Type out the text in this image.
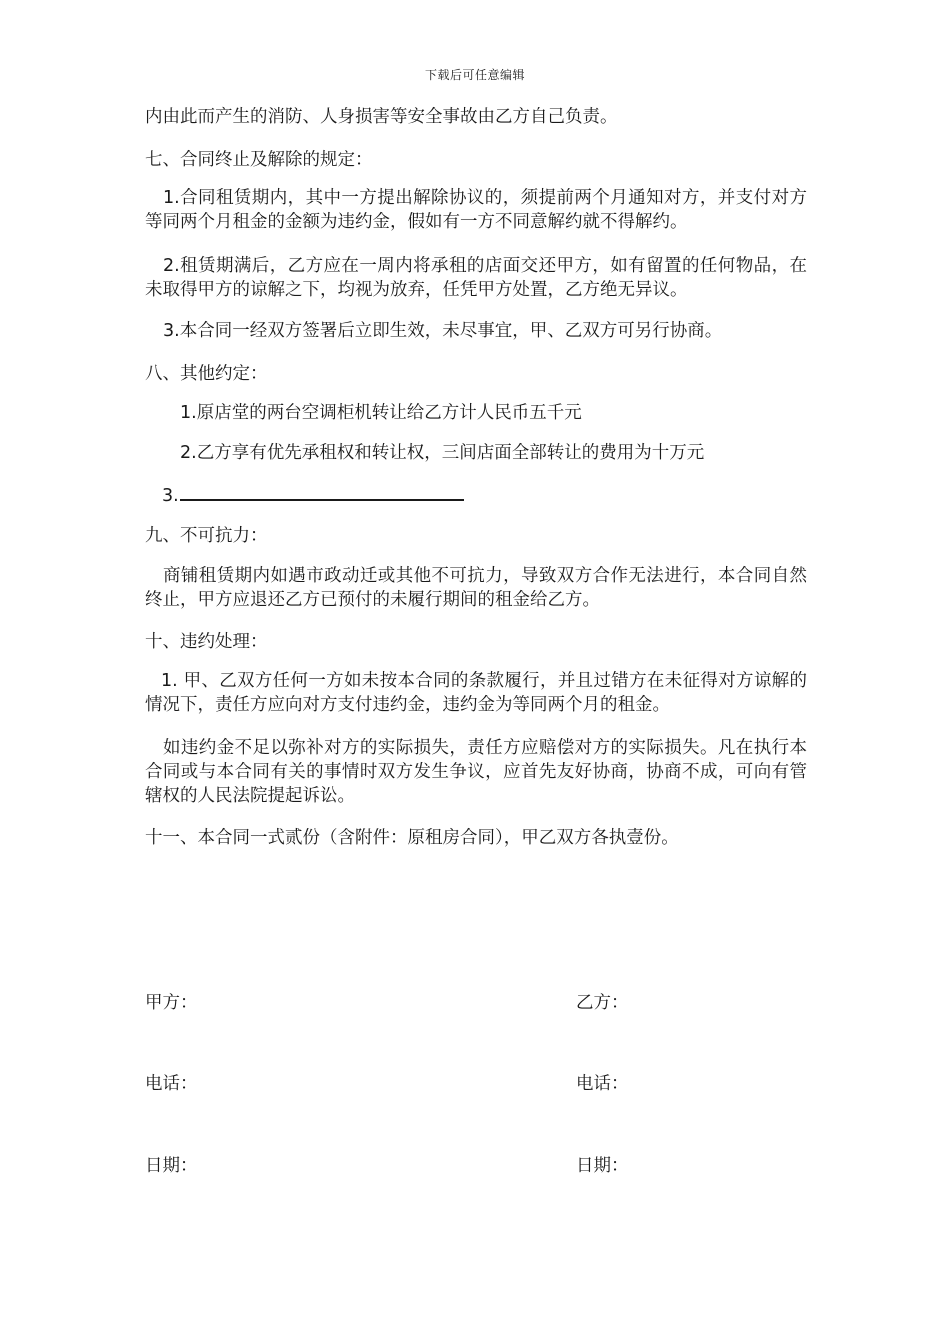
下载后可任意编辑
内由此而产生的消防、人身损害等安全事故由乙方自己负责。
七、合同终止及解除的规定：
1.合同租赁期内，其中一方提出解除协议的，须提前两个月通知对方，并支付对方等同两个月租金的金额为违约金，假如有一方不同意解约就不得解约。
2.租赁期满后，乙方应在一周内将承租的店面交还甲方，如有留置的任何物品，在未取得甲方的谅解之下，均视为放弃，任凭甲方处置，乙方绝无异议。
3.本合同一经双方签署后立即生效，未尽事宜，甲、乙双方可另行协商。
八、其他约定：
1.原店堂的两台空调柜机转让给乙方计人民币五千元
2.乙方享有优先承租权和转让权，三间店面全部转让的费用为十万元
3.
九、不可抗力：
商铺租赁期内如遇市政动迁或其他不可抗力，导致双方合作无法进行，本合同自然终止，甲方应退还乙方已预付的未履行期间的租金给乙方。
十、违约处理：
1. 甲、乙双方任何一方如未按本合同的条款履行，并且过错方在未征得对方谅解的情况下，责任方应向对方支付违约金，违约金为等同两个月的租金。
如违约金不足以弥补对方的实际损失，责任方应赔偿对方的实际损失。凡在执行本合同或与本合同有关的事情时双方发生争议，应首先友好协商，协商不成，可向有管辖权的人民法院提起诉讼。
十一、本合同一式贰份（含附件：原租房合同），甲乙双方各执壹份。
甲方：	乙方：
电话：	电话：
日期：	日期：
